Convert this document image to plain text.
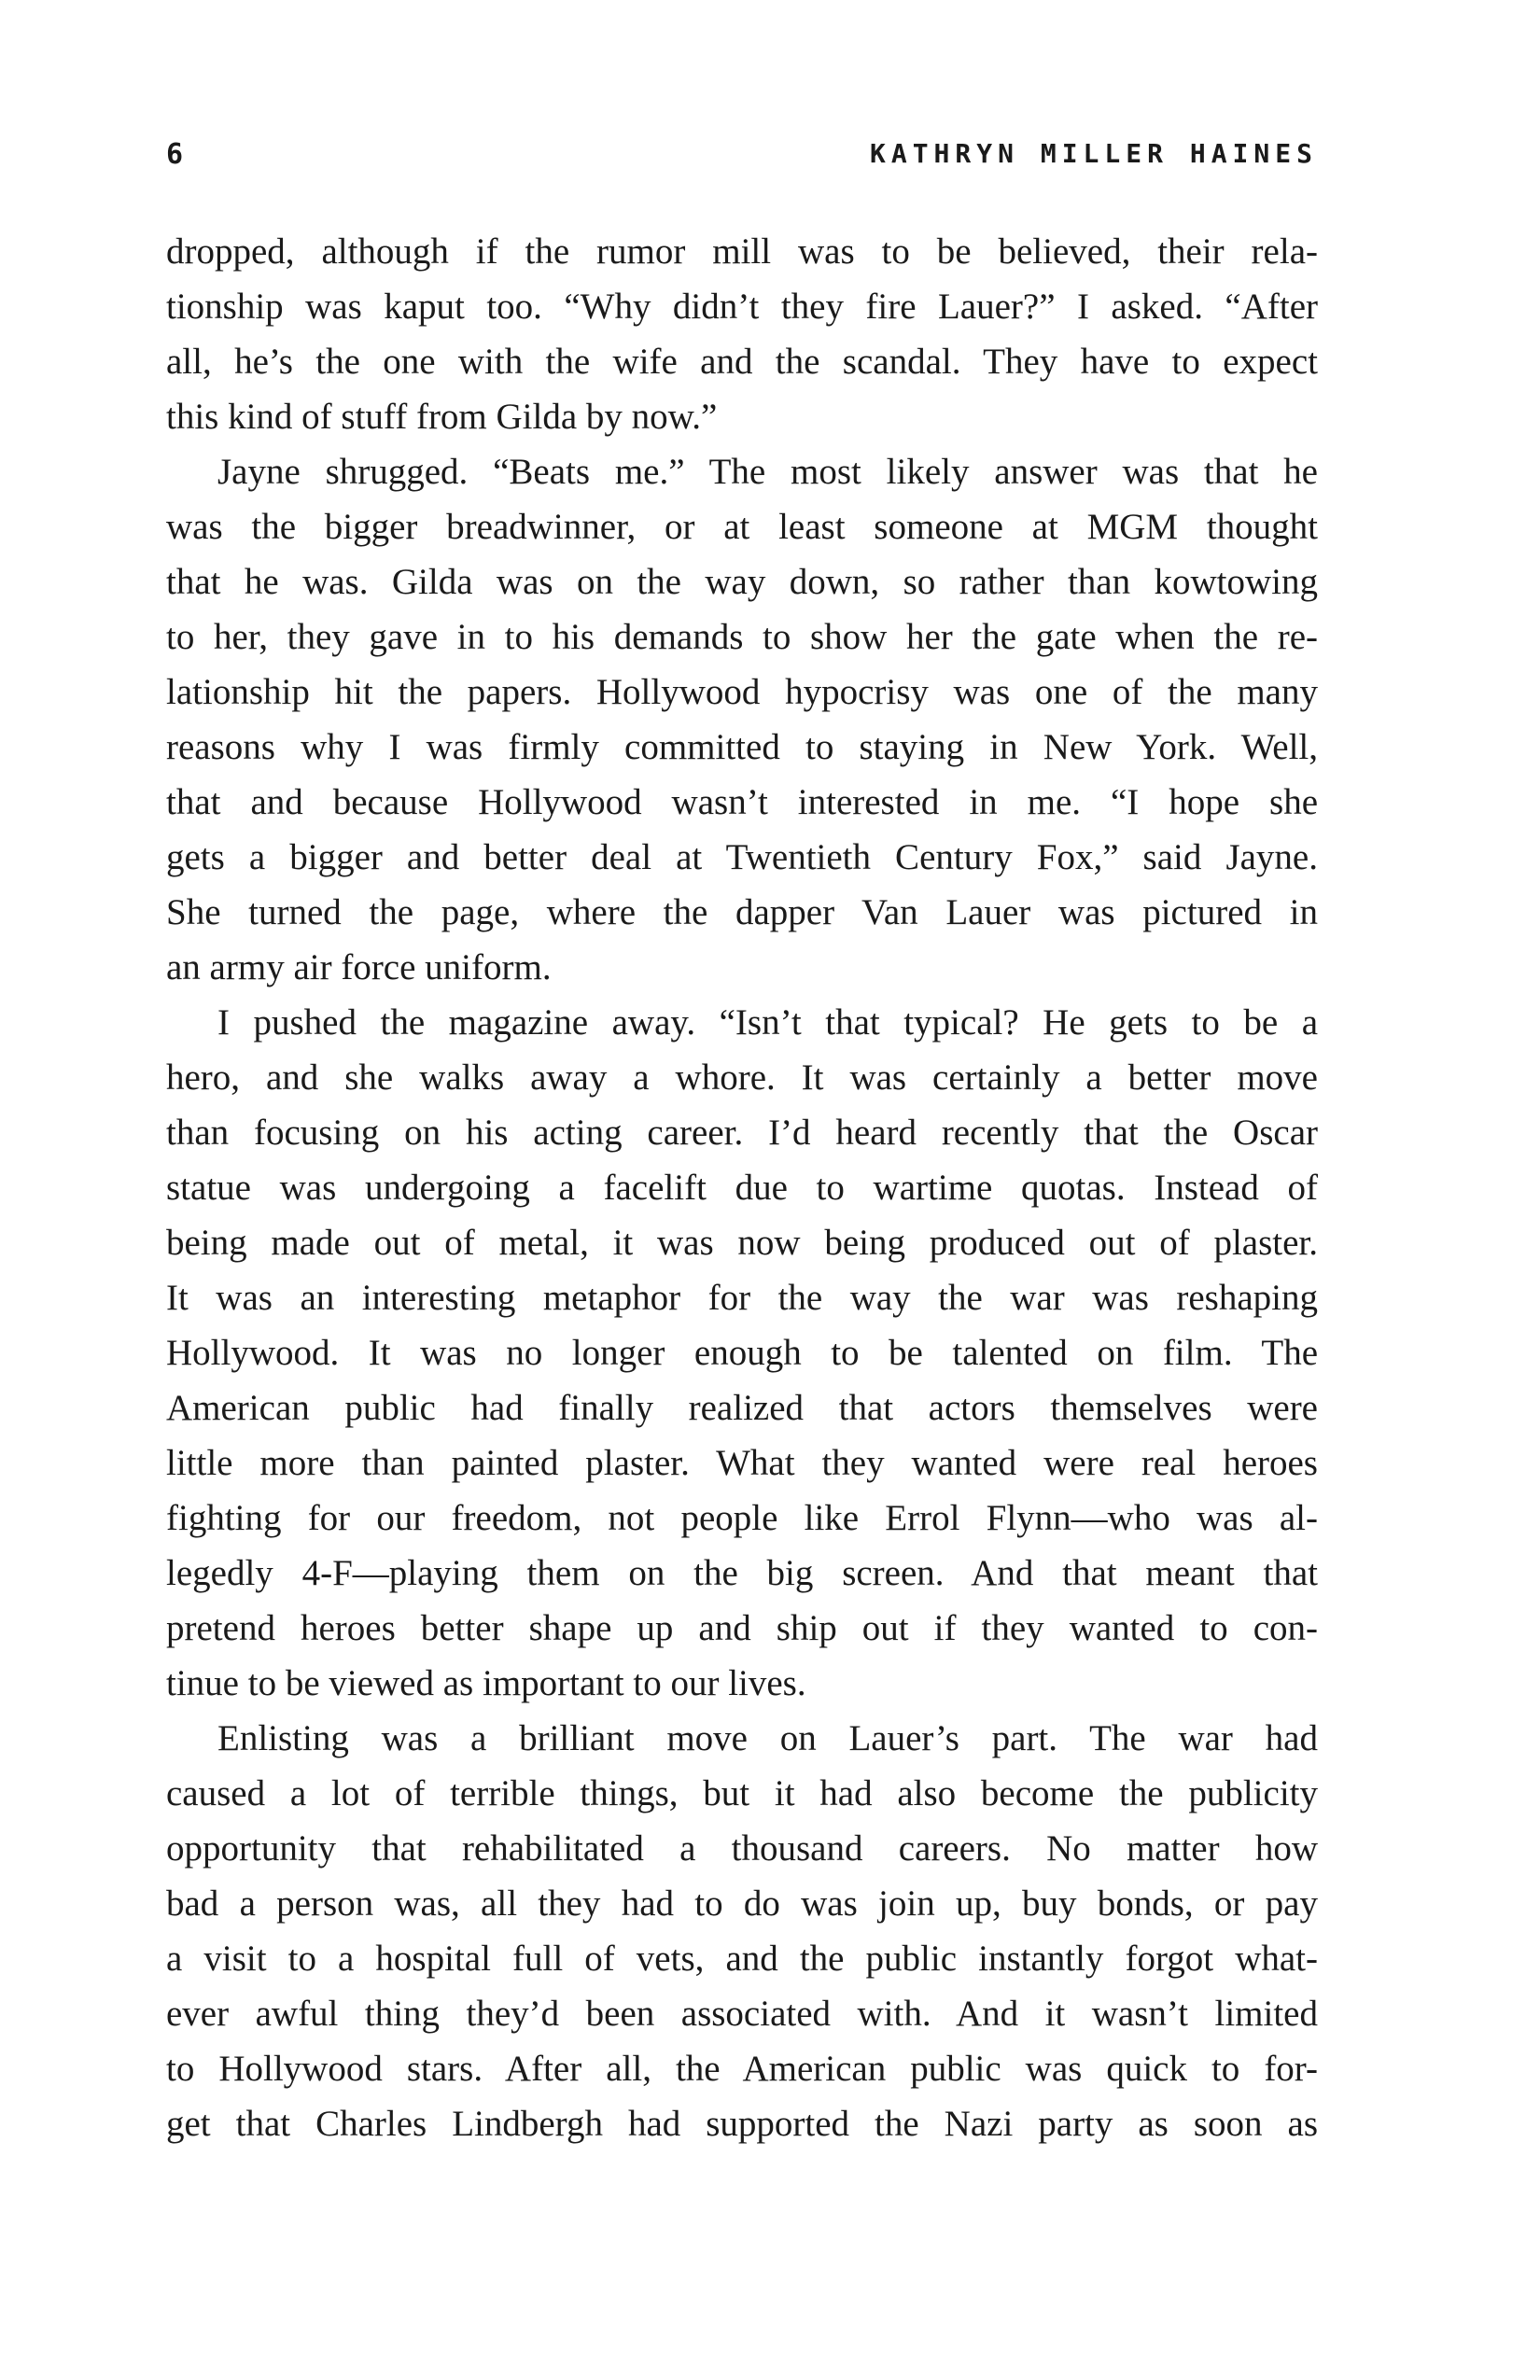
6	KATHRYN MILLER HAINES
dropped, although if the rumor mill was to be believed, their rela-
tionship was kaput too. “Why didn’t they fire Lauer?” I asked. “After
all, he’s the one with the wife and the scandal. They have to expect
this kind of stuff from Gilda by now.”
Jayne shrugged. “Beats me.” The most likely answer was that he
was the bigger breadwinner, or at least someone at MGM thought
that he was. Gilda was on the way down, so rather than kowtowing
to her, they gave in to his demands to show her the gate when the re-
lationship hit the papers. Hollywood hypocrisy was one of the many
reasons why I was firmly committed to staying in New York. Well,
that and because Hollywood wasn’t interested in me. “I hope she
gets a bigger and better deal at Twentieth Century Fox,” said Jayne.
She turned the page, where the dapper Van Lauer was pictured in
an army air force uniform.
I pushed the magazine away. “Isn’t that typical? He gets to be a
hero, and she walks away a whore. It was certainly a better move
than focusing on his acting career. I’d heard recently that the Oscar
statue was undergoing a facelift due to wartime quotas. Instead of
being made out of metal, it was now being produced out of plaster.
It was an interesting metaphor for the way the war was reshaping
Hollywood. It was no longer enough to be talented on film. The
American public had finally realized that actors themselves were
little more than painted plaster. What they wanted were real heroes
fighting for our freedom, not people like Errol Flynn—who was al-
legedly 4-F—playing them on the big screen. And that meant that
pretend heroes better shape up and ship out if they wanted to con-
tinue to be viewed as important to our lives.
Enlisting was a brilliant move on Lauer’s part. The war had
caused a lot of terrible things, but it had also become the publicity
opportunity that rehabilitated a thousand careers. No matter how
bad a person was, all they had to do was join up, buy bonds, or pay
a visit to a hospital full of vets, and the public instantly forgot what-
ever awful thing they’d been associated with. And it wasn’t limited
to Hollywood stars. After all, the American public was quick to for-
get that Charles Lindbergh had supported the Nazi party as soon as
